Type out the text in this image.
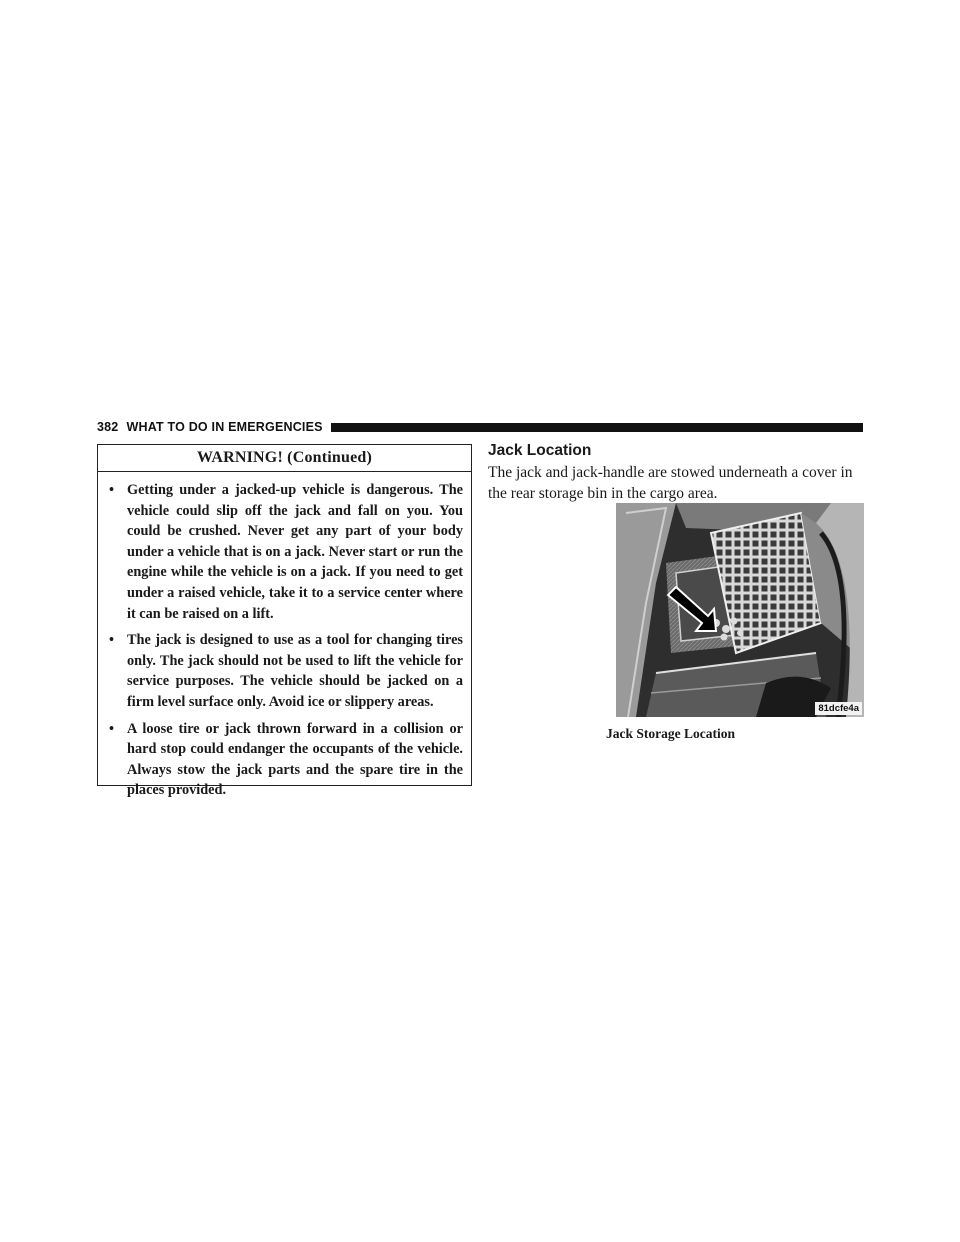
382 WHAT TO DO IN EMERGENCIES
WARNING! (Continued)
• Getting under a jacked-up vehicle is dangerous. The vehicle could slip off the jack and fall on you. You could be crushed. Never get any part of your body under a vehicle that is on a jack. Never start or run the engine while the vehicle is on a jack. If you need to get under a raised vehicle, take it to a service center where it can be raised on a lift.
• The jack is designed to use as a tool for changing tires only. The jack should not be used to lift the vehicle for service purposes. The vehicle should be jacked on a firm level surface only. Avoid ice or slippery areas.
• A loose tire or jack thrown forward in a collision or hard stop could endanger the occupants of the vehicle. Always stow the jack parts and the spare tire in the places provided.
Jack Location
The jack and jack-handle are stowed underneath a cover in the rear storage bin in the cargo area.
81dcfe4a
Jack Storage Location
